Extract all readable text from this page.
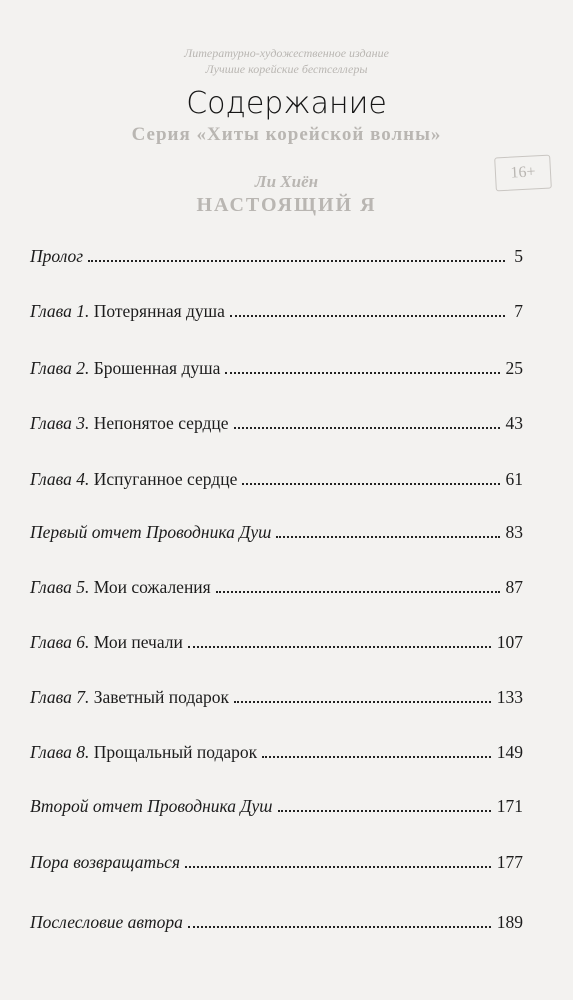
Литературно-художественное издание
Лучшие корейские бестселлеры
Серия «Хиты корейской волны»
Ли Хиён
НАСТОЯЩИЙ Я
16+
Содержание
Пролог	5
Глава 1. Потерянная душа	7
Глава 2. Брошенная душа	25
Глава 3. Непонятое сердце	43
Глава 4. Испуганное сердце	61
Первый отчет Проводника Душ	83
Глава 5. Мои сожаления	87
Глава 6. Мои печали	107
Глава 7. Заветный подарок	133
Глава 8. Прощальный подарок	149
Второй отчет Проводника Душ	171
Пора возвращаться	177
Послесловие автора	189
